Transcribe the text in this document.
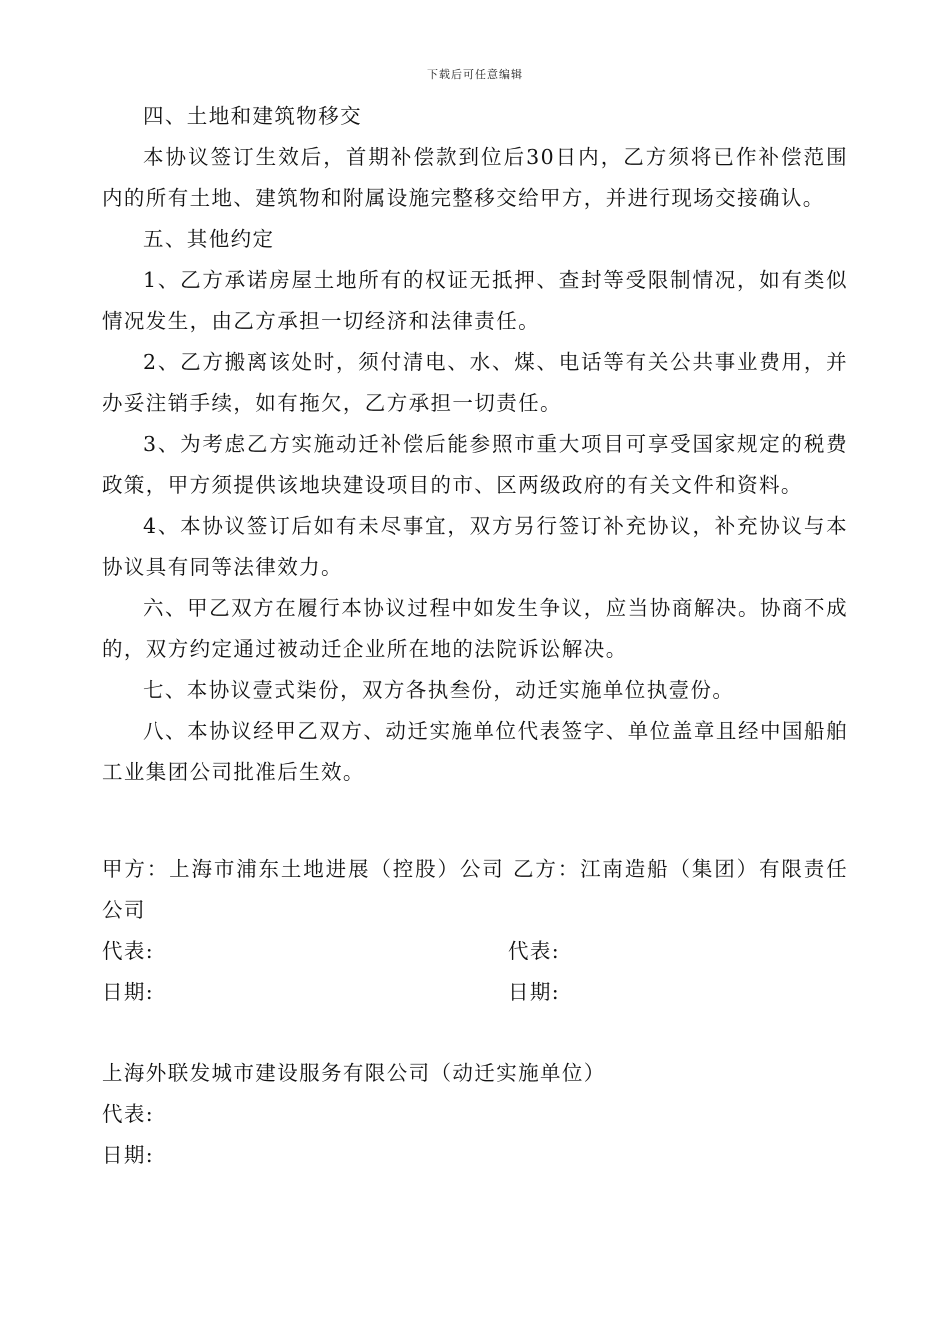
下载后可任意编辑

四、土地和建筑物移交

本协议签订生效后，首期补偿款到位后30日内，乙方须将已作补偿范围内的所有土地、建筑物和附属设施完整移交给甲方，并进行现场交接确认。

五、其他约定

1、乙方承诺房屋土地所有的权证无抵押、查封等受限制情况，如有类似情况发生，由乙方承担一切经济和法律责任。

2、乙方搬离该处时，须付清电、水、煤、电话等有关公共事业费用，并办妥注销手续，如有拖欠，乙方承担一切责任。

3、为考虑乙方实施动迁补偿后能参照市重大项目可享受国家规定的税费政策，甲方须提供该地块建设项目的市、区两级政府的有关文件和资料。

4、本协议签订后如有未尽事宜，双方另行签订补充协议，补充协议与本协议具有同等法律效力。

六、甲乙双方在履行本协议过程中如发生争议，应当协商解决。协商不成的，双方约定通过被动迁企业所在地的法院诉讼解决。

七、本协议壹式柒份，双方各执叁份，动迁实施单位执壹份。

八、本协议经甲乙双方、动迁实施单位代表签字、单位盖章且经中国船舶工业集团公司批准后生效。

甲方：上海市浦东土地进展（控股）公司 乙方：江南造船（集团）有限责任公司

代表:	代表:
日期:	日期:

上海外联发城市建设服务有限公司（动迁实施单位）

代表:
日期:
